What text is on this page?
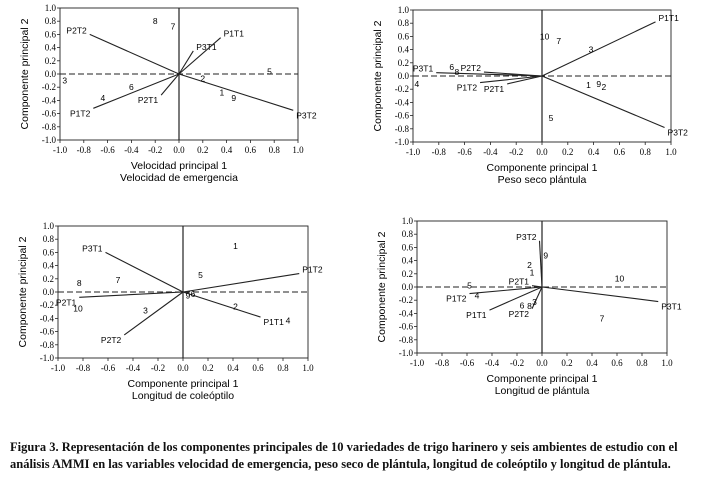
-1.0 -0.8 -0.6 -0.4 -0.2 0.0 0.2 0.4 0.6 0.8 1.0
1.0
0.8
0.6
0.4
0.2
0.0
-0.2
-0.4
-0.6
-0.8
-1.0
P2T2
P3T1
P1T1
P2T1
P1T2	P3T2
8
7
3
6
4
2
1
9
5
Velocidad principal 1
Velocidad de emergencia
Componente principal 2
-1.0 -0.8 -0.6 -0.4 -0.2 0.0 0.2 0.4 0.6 0.8 1.0
1.0
0.8
0.6
0.4
0.2
0.0
-0.2
-0.4
-0.6
-0.8
-1.0
P1T1
P3T2
P3T1	P2T2
P1T2 P2T1
10 7
3
6
8
4	1 9 2
5
Componente principal 1
Peso seco plántula
Componente principal 2
-1.0 -0.8 -0.6 -0.4 -0.2 0.0 0.2 0.4 0.6 0.8 1.0
1.0
0.8
0.6
0.4
0.2
0.0
-0.2
-0.4
-0.6
-0.8
-1.0
P3T1
P1T2
P2T1
P2T2
P1T1
1
5
7
8
10	3	2
4
9 6
Componente principal 1
Longitud de coleóptilo
Componente principal 2
-1.0 -0.8 -0.6 -0.4 -0.2 0.0 0.2 0.4 0.6 0.8 1.0
1.0
0.8
0.6
0.4
0.2
0.0
-0.2
-0.4
-0.6
-0.8
-1.0
P3T2
P1T2
P1T1	P2T2
P3T1
P2T1
9
2
1
10
5
4
3
6 8
7
Componente principal 1
Longitud de plántula
Componente principal 2

Figura 3. Representación de los componentes principales de 10 variedades de trigo harinero y seis ambientes de estudio con el análisis AMMI en las variables velocidad de emergencia, peso seco de plántula, longitud de coleóptilo y longitud de plántula.
